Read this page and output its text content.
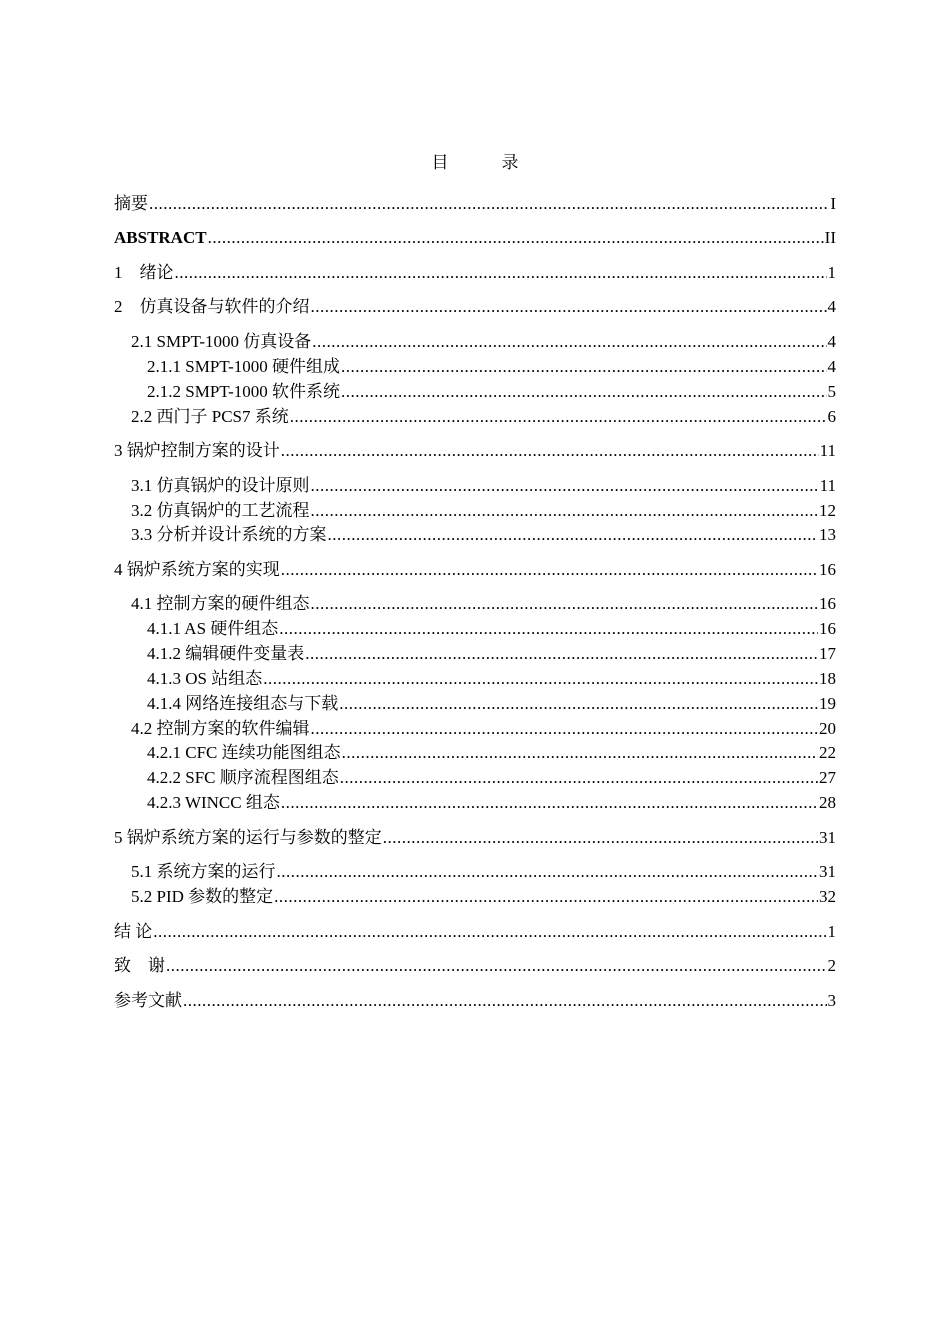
目　录
摘要 .....	I
ABSTRACT .....	II
1　绪论 .....	1
2　仿真设备与软件的介绍 .....	4
2.1 SMPT-1000 仿真设备 .....	4
2.1.1 SMPT-1000 硬件组成 .....	4
2.1.2 SMPT-1000 软件系统 .....	5
2.2 西门子 PCS7 系统 .....	6
3 锅炉控制方案的设计 .....	11
3.1 仿真锅炉的设计原则 .....	11
3.2 仿真锅炉的工艺流程 .....	12
3.3 分析并设计系统的方案 .....	13
4 锅炉系统方案的实现 .....	16
4.1 控制方案的硬件组态 .....	16
4.1.1 AS 硬件组态 .....	16
4.1.2 编辑硬件变量表 .....	17
4.1.3 OS 站组态 .....	18
4.1.4 网络连接组态与下载 .....	19
4.2 控制方案的软件编辑 .....	20
4.2.1 CFC 连续功能图组态 .....	22
4.2.2 SFC 顺序流程图组态 .....	27
4.2.3 WINCC 组态 .....	28
5 锅炉系统方案的运行与参数的整定 .....	31
5.1 系统方案的运行 .....	31
5.2 PID 参数的整定 .....	32
结 论 .....	1
致　谢 .....	2
参考文献 .....	3
